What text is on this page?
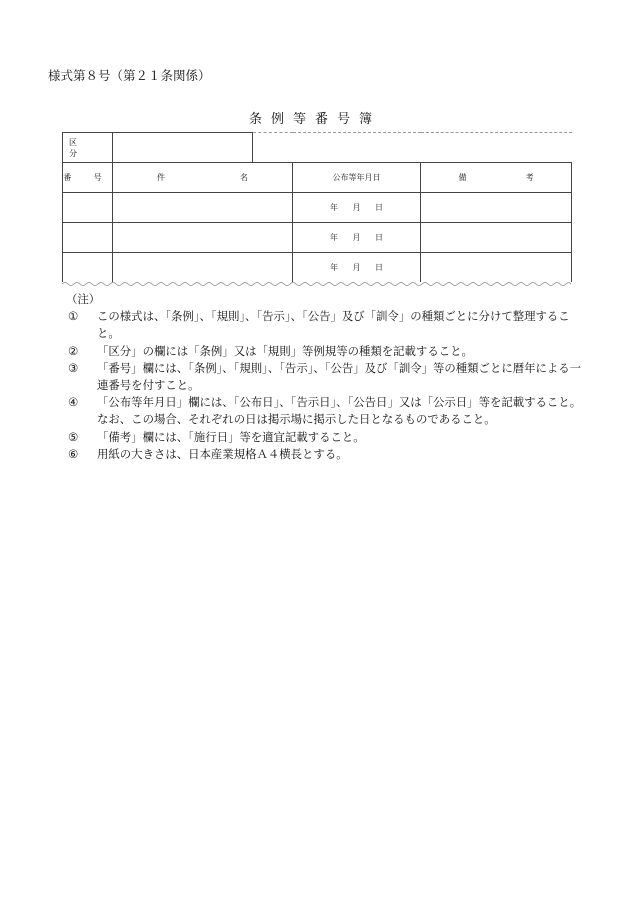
様式第８号（第２１条関係）
条例等番号簿
区 分				
番 号	件 名		公布等年月日	備 考
			年 月 日	
			年 月 日	
			年 月 日	
（注）
①	この様式は、「条例」、「規則」、「告示」、「公告」及び「訓令」の種類ごとに分けて整理すること。
②	「区分」の欄には「条例」又は「規則」等例規等の種類を記載すること。
③	「番号」欄には、「条例」、「規則」、「告示」、「公告」及び「訓令」等の種類ごとに暦年による一連番号を付すこと。
④	「公布等年月日」欄には、「公布日」、「告示日」、「公告日」又は「公示日」等を記載すること。なお、この場合、それぞれの日は掲示場に掲示した日となるものであること。
⑤	「備考」欄には、「施行日」等を適宜記載すること。
⑥	用紙の大きさは、日本産業規格Ａ４横長とする。
